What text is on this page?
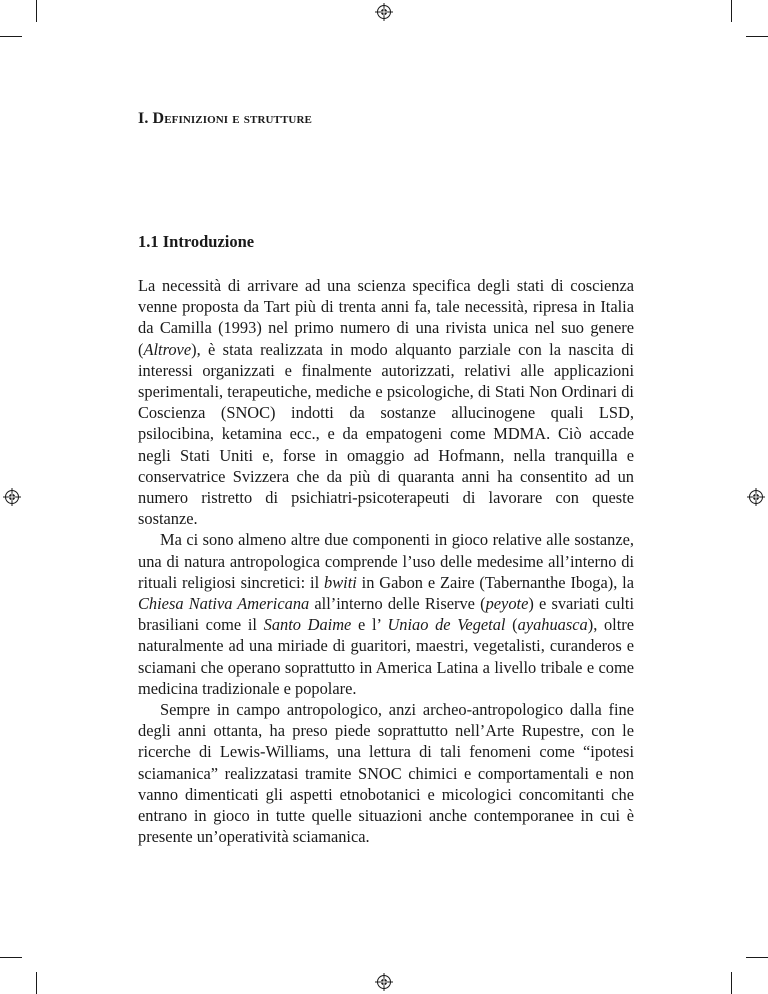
I. Definizioni e strutture
1.1 Introduzione

La necessità di arrivare ad una scienza specifica degli stati di coscienza venne proposta da Tart più di trenta anni fa, tale necessità, ripresa in Italia da Camilla (1993) nel primo numero di una rivista unica nel suo genere (Altrove), è stata realizzata in modo alquanto parziale con la nascita di interessi organizzati e finalmente autorizzati, relativi alle applicazioni sperimentali, terapeutiche, mediche e psicologiche, di Stati Non Ordinari di Coscienza (SNOC) indotti da sostanze allucinogene quali LSD, psilocibina, ketamina ecc., e da empatogeni come MDMA. Ciò accade negli Stati Uniti e, forse in omaggio ad Hofmann, nella tranquilla e conservatrice Svizzera che da più di quaranta anni ha consentito ad un numero ristretto di psichiatri-psicoterapeuti di lavorare con queste sostanze.

Ma ci sono almeno altre due componenti in gioco relative alle sostanze, una di natura antropologica comprende l’uso delle medesime all’interno di rituali religiosi sincretici: il bwiti in Gabon e Zaire (Tabernanthe Iboga), la Chiesa Nativa Americana all’interno delle Riserve (peyote) e svariati culti brasiliani come il Santo Daime e l’ Uniao de Vegetal (ayahuasca), oltre naturalmente ad una miriade di guaritori, maestri, vegetalisti, curanderos e sciamani che operano soprattutto in America Latina a livello tribale e come medicina tradizionale e popolare.

Sempre in campo antropologico, anzi archeo-antropologico dalla fine degli anni ottanta, ha preso piede soprattutto nell’Arte Rupestre, con le ricerche di Lewis-Williams, una lettura di tali fenomeni come “ipotesi sciamanica” realizzatasi tramite SNOC chimici e comportamentali e non vanno dimenticati gli aspetti etnobotanici e micologici concomitanti che entrano in gioco in tutte quelle situazioni anche contemporanee in cui è presente un’operatività sciamanica.
